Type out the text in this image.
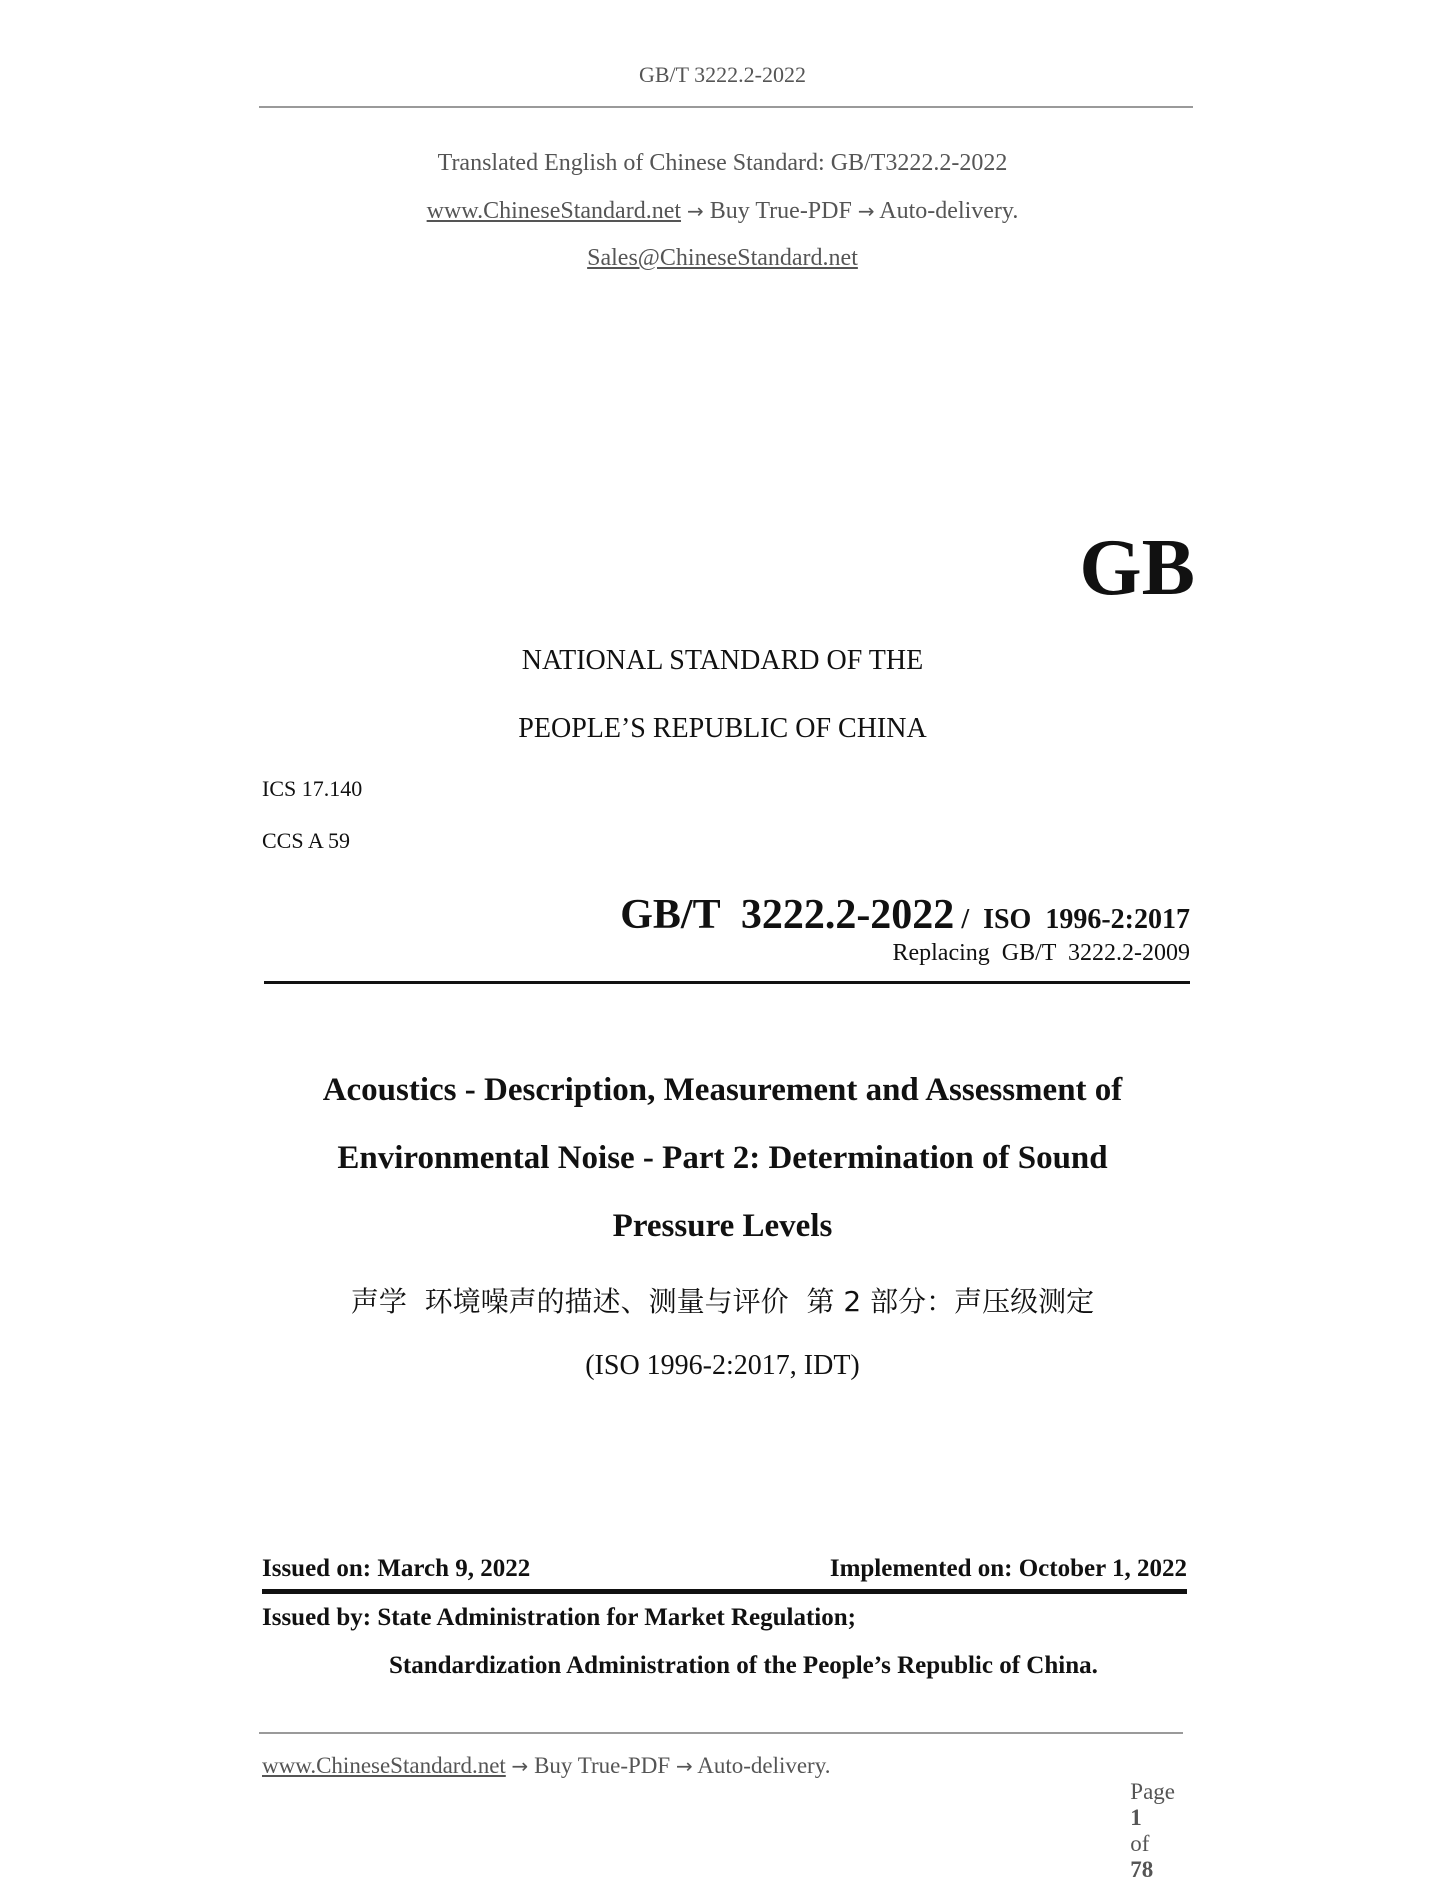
GB/T 3222.2-2022
Translated English of Chinese Standard: GB/T3222.2-2022
www.ChineseStandard.net → Buy True-PDF → Auto-delivery.
Sales@ChineseStandard.net
GB
NATIONAL STANDARD OF THE
PEOPLE’S REPUBLIC OF CHINA
ICS 17.140
CCS A 59

GB/T  3222.2-2022 /  ISO  1996-2:2017

Replacing  GB/T  3222.2-2009
Acoustics - Description, Measurement and Assessment of
Environmental Noise - Part 2: Determination of Sound
Pressure Levels
声学  环境噪声的描述、测量与评价  第 2 部分：声压级测定
(ISO 1996-2:2017, IDT)
Issued on: March 9, 2022	Implemented on: October 1, 2022
Issued by: State Administration for Market Regulation;
Standardization Administration of the People’s Republic of China.
www.ChineseStandard.net → Buy True-PDF → Auto-delivery.

Page
1
of
78
